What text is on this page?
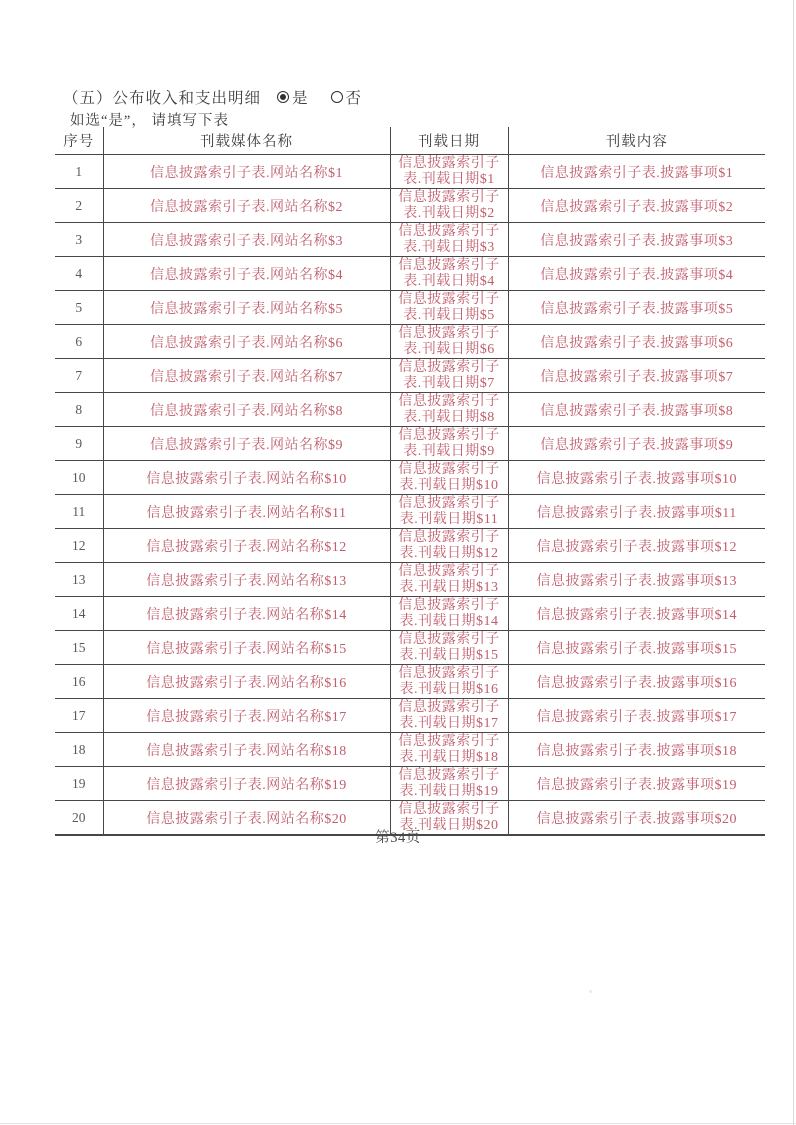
（五）公布收入和支出明细 是 否
如选“是”， 请填写下表
序号	刊载媒体名称	刊载日期	刊载内容
1	信息披露索引子表.网站名称$1	信息披露索引子表.刊载日期$1	信息披露索引子表.披露事项$1
2	信息披露索引子表.网站名称$2	信息披露索引子表.刊载日期$2	信息披露索引子表.披露事项$2
3	信息披露索引子表.网站名称$3	信息披露索引子表.刊载日期$3	信息披露索引子表.披露事项$3
4	信息披露索引子表.网站名称$4	信息披露索引子表.刊载日期$4	信息披露索引子表.披露事项$4
5	信息披露索引子表.网站名称$5	信息披露索引子表.刊载日期$5	信息披露索引子表.披露事项$5
6	信息披露索引子表.网站名称$6	信息披露索引子表.刊载日期$6	信息披露索引子表.披露事项$6
7	信息披露索引子表.网站名称$7	信息披露索引子表.刊载日期$7	信息披露索引子表.披露事项$7
8	信息披露索引子表.网站名称$8	信息披露索引子表.刊载日期$8	信息披露索引子表.披露事项$8
9	信息披露索引子表.网站名称$9	信息披露索引子表.刊载日期$9	信息披露索引子表.披露事项$9
10	信息披露索引子表.网站名称$10	信息披露索引子表.刊载日期$10	信息披露索引子表.披露事项$10
11	信息披露索引子表.网站名称$11	信息披露索引子表.刊载日期$11	信息披露索引子表.披露事项$11
12	信息披露索引子表.网站名称$12	信息披露索引子表.刊载日期$12	信息披露索引子表.披露事项$12
13	信息披露索引子表.网站名称$13	信息披露索引子表.刊载日期$13	信息披露索引子表.披露事项$13
14	信息披露索引子表.网站名称$14	信息披露索引子表.刊载日期$14	信息披露索引子表.披露事项$14
15	信息披露索引子表.网站名称$15	信息披露索引子表.刊载日期$15	信息披露索引子表.披露事项$15
16	信息披露索引子表.网站名称$16	信息披露索引子表.刊载日期$16	信息披露索引子表.披露事项$16
17	信息披露索引子表.网站名称$17	信息披露索引子表.刊载日期$17	信息披露索引子表.披露事项$17
18	信息披露索引子表.网站名称$18	信息披露索引子表.刊载日期$18	信息披露索引子表.披露事项$18
19	信息披露索引子表.网站名称$19	信息披露索引子表.刊载日期$19	信息披露索引子表.披露事项$19
20	信息披露索引子表.网站名称$20	信息披露索引子表.刊载日期$20	信息披露索引子表.披露事项$20
第34页
